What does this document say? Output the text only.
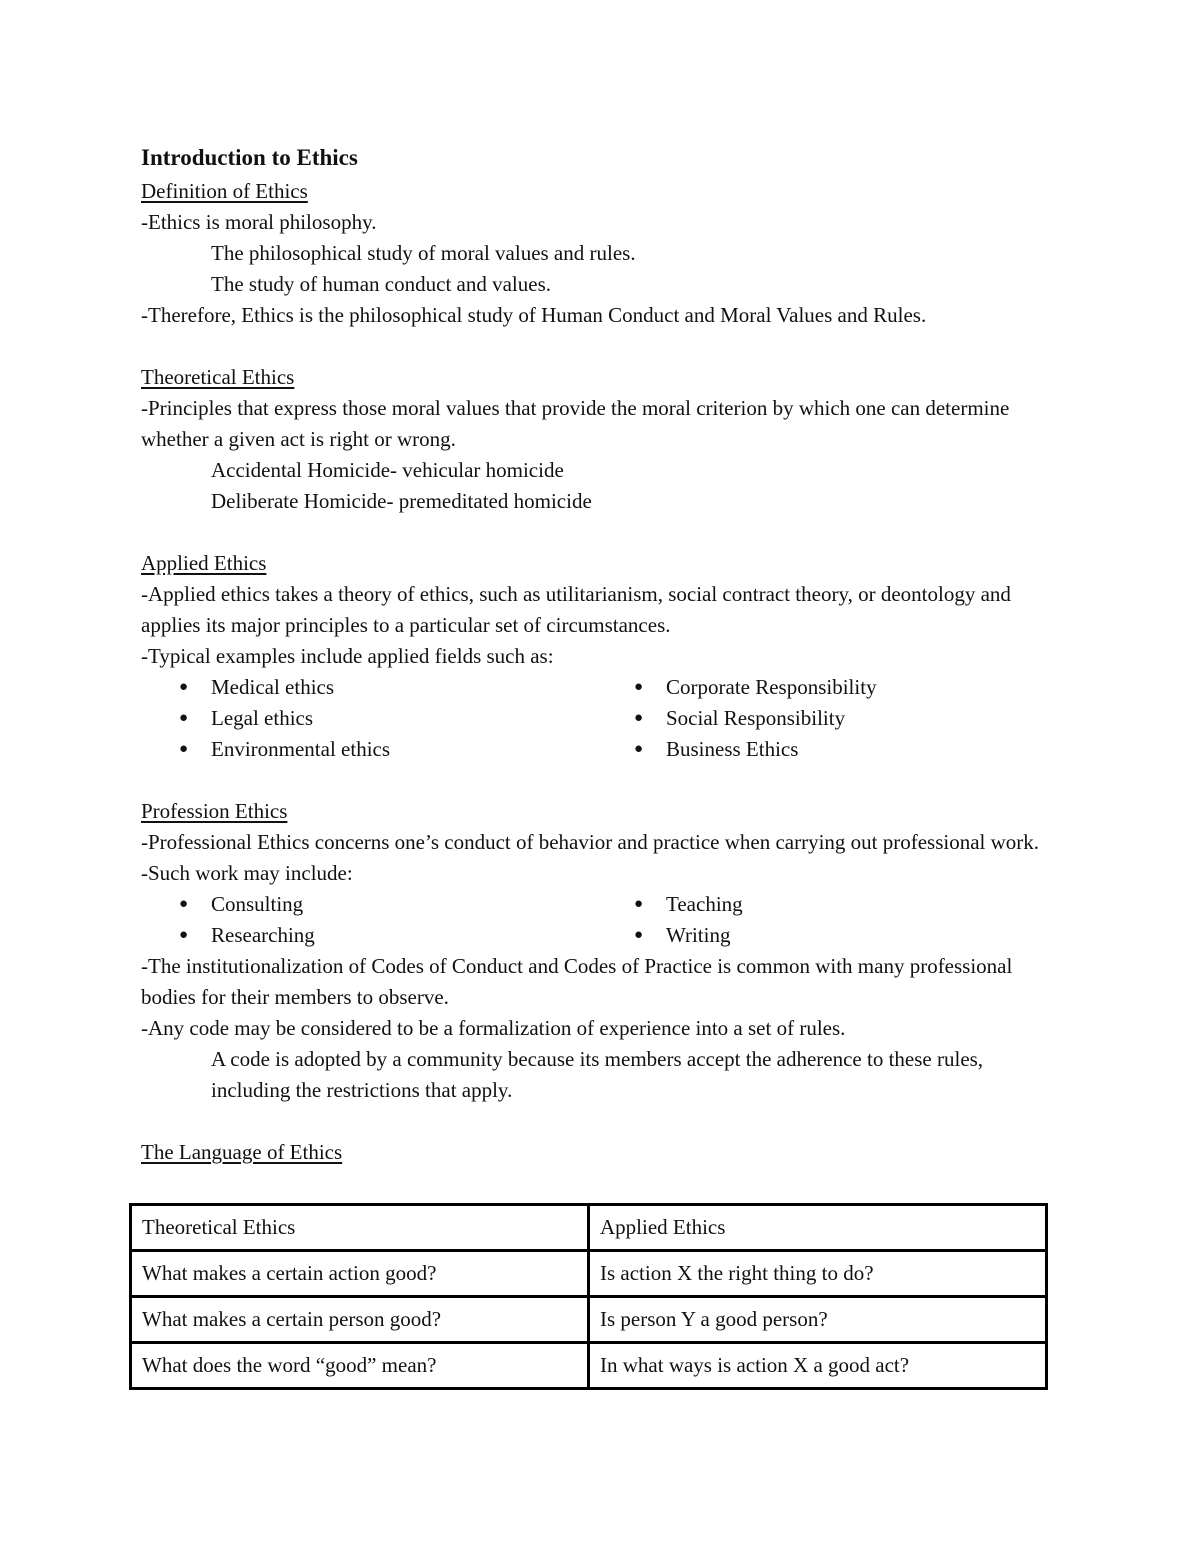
Introduction to Ethics

Definition of Ethics

-Ethics is moral philosophy.

The philosophical study of moral values and rules.

The study of human conduct and values.

-Therefore, Ethics is the philosophical study of Human Conduct and Moral Values and Rules.

Theoretical Ethics

-Principles that express those moral values that provide the moral criterion by which one can determine whether a given act is right or wrong.

Accidental Homicide- vehicular homicide

Deliberate Homicide- premeditated homicide

Applied Ethics

-Applied ethics takes a theory of ethics, such as utilitarianism, social contract theory, or deontology and applies its major principles to a particular set of circumstances.

-Typical examples include applied fields such as:

● Medical ethics
● Legal ethics
● Environmental ethics
● Corporate Responsibility
● Social Responsibility
● Business Ethics

Profession Ethics

-Professional Ethics concerns one’s conduct of behavior and practice when carrying out professional work.

-Such work may include:

● Consulting
● Researching
● Teaching
● Writing

-The institutionalization of Codes of Conduct and Codes of Practice is common with many professional bodies for their members to observe.

-Any code may be considered to be a formalization of experience into a set of rules.

A code is adopted by a community because its members accept the adherence to these rules, including the restrictions that apply.

The Language of Ethics

Theoretical Ethics	Applied Ethics
What makes a certain action good?	Is action X the right thing to do?
What makes a certain person good?	Is person Y a good person?
What does the word “good” mean?	In what ways is action X a good act?
